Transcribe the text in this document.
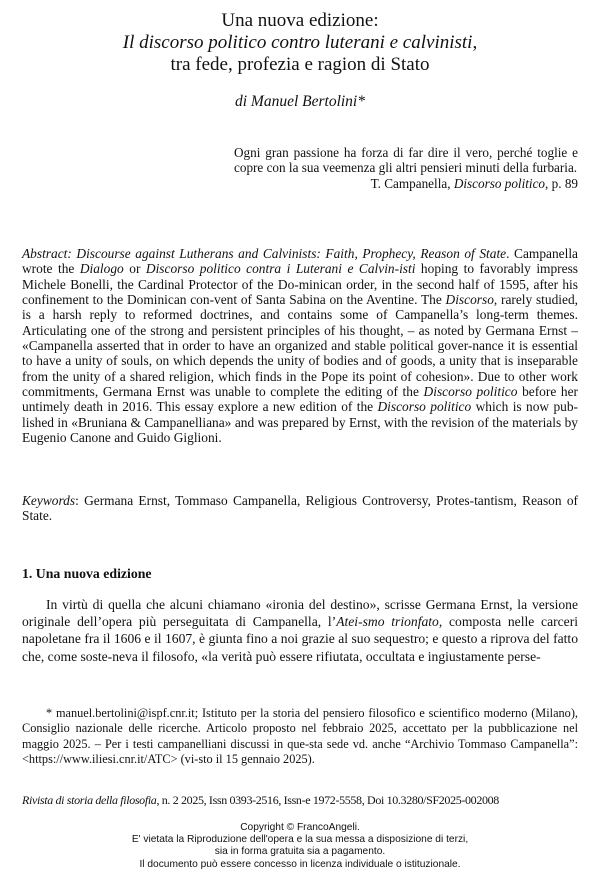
Una nuova edizione:
Il discorso politico contro luterani e calvinisti,
tra fede, profezia e ragion di Stato
di Manuel Bertolini*
Ogni gran passione ha forza di far dire il vero, perché toglie e copre con la sua veemenza gli altri pensieri minuti della furbaria.
T. Campanella, Discorso politico, p. 89
Abstract: Discourse against Lutherans and Calvinists: Faith, Prophecy, Reason of State. Campanella wrote the Dialogo or Discorso politico contra i Luterani e Calvin-isti hoping to favorably impress Michele Bonelli, the Cardinal Protector of the Do-minican order, in the second half of 1595, after his confinement to the Dominican con-vent of Santa Sabina on the Aventine. The Discorso, rarely studied, is a harsh reply to reformed doctrines, and contains some of Campanella’s long-term themes. Articulating one of the strong and persistent principles of his thought, – as noted by Germana Ernst – «Campanella asserted that in order to have an organized and stable political gover-nance it is essential to have a unity of souls, on which depends the unity of bodies and of goods, a unity that is inseparable from the unity of a shared religion, which finds in the Pope its point of cohesion». Due to other work commitments, Germana Ernst was unable to complete the editing of the Discorso politico before her untimely death in 2016. This essay explore a new edition of the Discorso politico which is now pub-lished in «Bruniana & Campanelliana» and was prepared by Ernst, with the revision of the materials by Eugenio Canone and Guido Giglioni.
Keywords: Germana Ernst, Tommaso Campanella, Religious Controversy, Protes-tantism, Reason of State.
1. Una nuova edizione

In virtù di quella che alcuni chiamano «ironia del destino», scrisse Germana Ernst, la versione originale dell’opera più perseguitata di Campanella, l’Atei-smo trionfato, composta nelle carceri napoletane fra il 1606 e il 1607, è giunta fino a noi grazie al suo sequestro; e questo a riprova del fatto che, come soste-neva il filosofo, «la verità può essere rifiutata, occultata e ingiustamente perse-

* manuel.bertolini@ispf.cnr.it; Istituto per la storia del pensiero filosofico e scientifico moderno (Milano), Consiglio nazionale delle ricerche. Articolo proposto nel febbraio 2025, accettato per la pubblicazione nel maggio 2025. – Per i testi campanelliani discussi in que-sta sede vd. anche “Archivio Tommaso Campanella”: <https://www.iliesi.cnr.it/ATC> (vi-sto il 15 gennaio 2025).

Rivista di storia della filosofia, n. 2 2025, Issn 0393-2516, Issn-e 1972-5558, Doi 10.3280/SF2025-002008
Copyright © FrancoAngeli.
E' vietata la Riproduzione dell'opera e la sua messa a disposizione di terzi,
sia in forma gratuita sia a pagamento.
Il documento può essere concesso in licenza individuale o istituzionale.
